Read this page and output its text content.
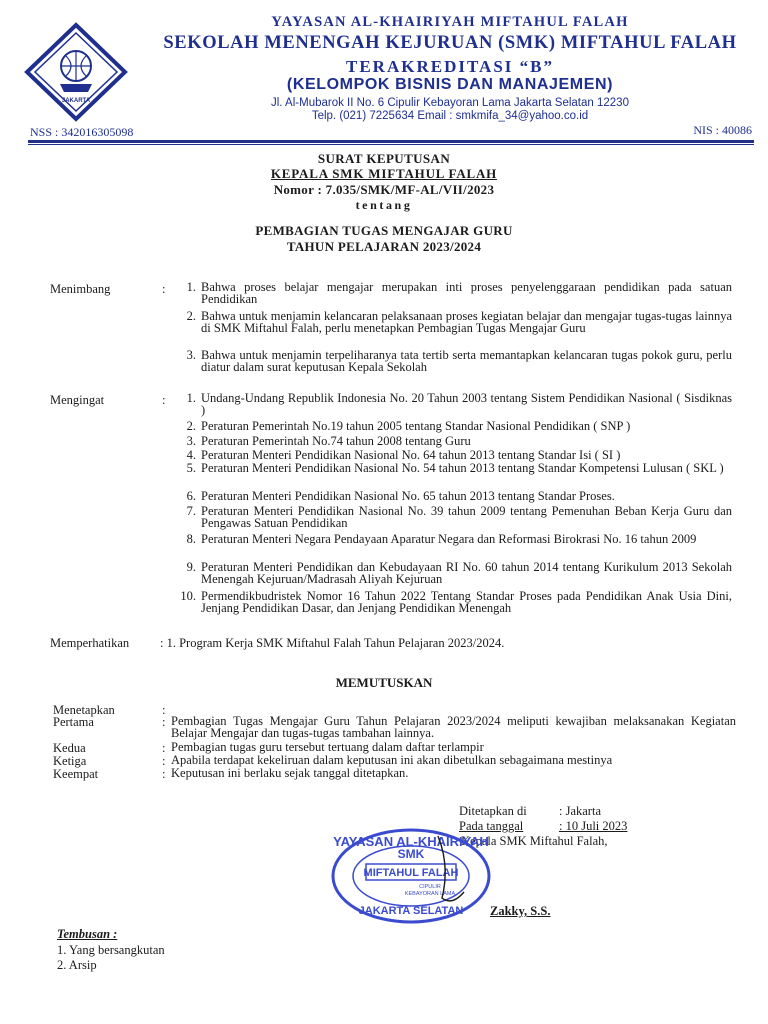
JAKARTA
YAYASAN AL-KHAIRIYAH MIFTAHUL FALAH
SEKOLAH MENENGAH KEJURUAN (SMK) MIFTAHUL FALAH
TERAKREDITASI “B”
(KELOMPOK BISNIS DAN MANAJEMEN)
Jl. Al-Mubarok II No. 6 Cipulir Kebayoran Lama Jakarta Selatan 12230
Telp. (021) 7225634 Email : smkmifa_34@yahoo.co.id
NSS : 342016305098	NIS : 40086
SURAT KEPUTUSAN
KEPALA SMK MIFTAHUL FALAH
Nomor : 7.035/SMK/MF-AL/VII/2023
tentang
PEMBAGIAN TUGAS MENGAJAR GURU
TAHUN PELAJARAN 2023/2024
Menimbang	:	1. Bahwa proses belajar mengajar merupakan inti proses penyelenggaraan pendidikan pada satuan Pendidikan
2. Bahwa untuk menjamin kelancaran pelaksanaan proses kegiatan belajar dan mengajar tugas-tugas lainnya di SMK Miftahul Falah, perlu menetapkan Pembagian Tugas Mengajar Guru
3. Bahwa untuk menjamin terpeliharanya tata tertib serta memantapkan kelancaran tugas pokok guru, perlu diatur dalam surat keputusan Kepala Sekolah
Mengingat	:	1. Undang-Undang Republik Indonesia No. 20 Tahun 2003 tentang Sistem Pendidikan Nasional ( Sisdiknas )
2. Peraturan Pemerintah No.19 tahun 2005 tentang Standar Nasional Pendidikan ( SNP )
3. Peraturan Pemerintah No.74 tahun 2008 tentang Guru
4. Peraturan Menteri Pendidikan Nasional No. 64 tahun 2013 tentang Standar Isi ( SI )
5. Peraturan Menteri Pendidikan Nasional No. 54 tahun 2013 tentang Standar Kompetensi Lulusan ( SKL )
6. Peraturan Menteri Pendidikan Nasional No. 65 tahun 2013 tentang Standar Proses.
7. Peraturan Menteri Pendidikan Nasional No. 39 tahun 2009 tentang Pemenuhan Beban Kerja Guru dan Pengawas Satuan Pendidikan
8. Peraturan Menteri Negara Pendayaan Aparatur Negara dan Reformasi Birokrasi No. 16 tahun 2009
9. Peraturan Menteri Pendidikan dan Kebudayaan RI No. 60 tahun 2014 tentang Kurikulum 2013 Sekolah Menengah Kejuruan/Madrasah Aliyah Kejuruan
10. Permendikbudristek Nomor 16 Tahun 2022 Tentang Standar Proses pada Pendidikan Anak Usia Dini, Jenjang Pendidikan Dasar, dan Jenjang Pendidikan Menengah
Memperhatikan : 1. Program Kerja SMK Miftahul Falah Tahun Pelajaran 2023/2024.
MEMUTUSKAN
Menetapkan	:
Pertama	: Pembagian Tugas Mengajar Guru Tahun Pelajaran 2023/2024 meliputi kewajiban melaksanakan Kegiatan Belajar Mengajar dan tugas-tugas tambahan lainnya.
Kedua	: Pembagian tugas guru tersebut tertuang dalam daftar terlampir
Ketiga	: Apabila terdapat kekeliruan dalam keputusan ini akan dibetulkan sebagaimana mestinya
Keempat	: Keputusan ini berlaku sejak tanggal ditetapkan.
Ditetapkan di	: Jakarta
Pada tanggal	: 10 Juli 2023
Kepala SMK Miftahul Falah,
YAYASAN AL-KHAIRIYAH
SMK
MIFTAHUL FALAH
CIPULIR
KEBAYORAN LAMA
JAKARTA SELATAN Zakky, S.S.
Tembusan :
1. Yang bersangkutan
2. Arsip
